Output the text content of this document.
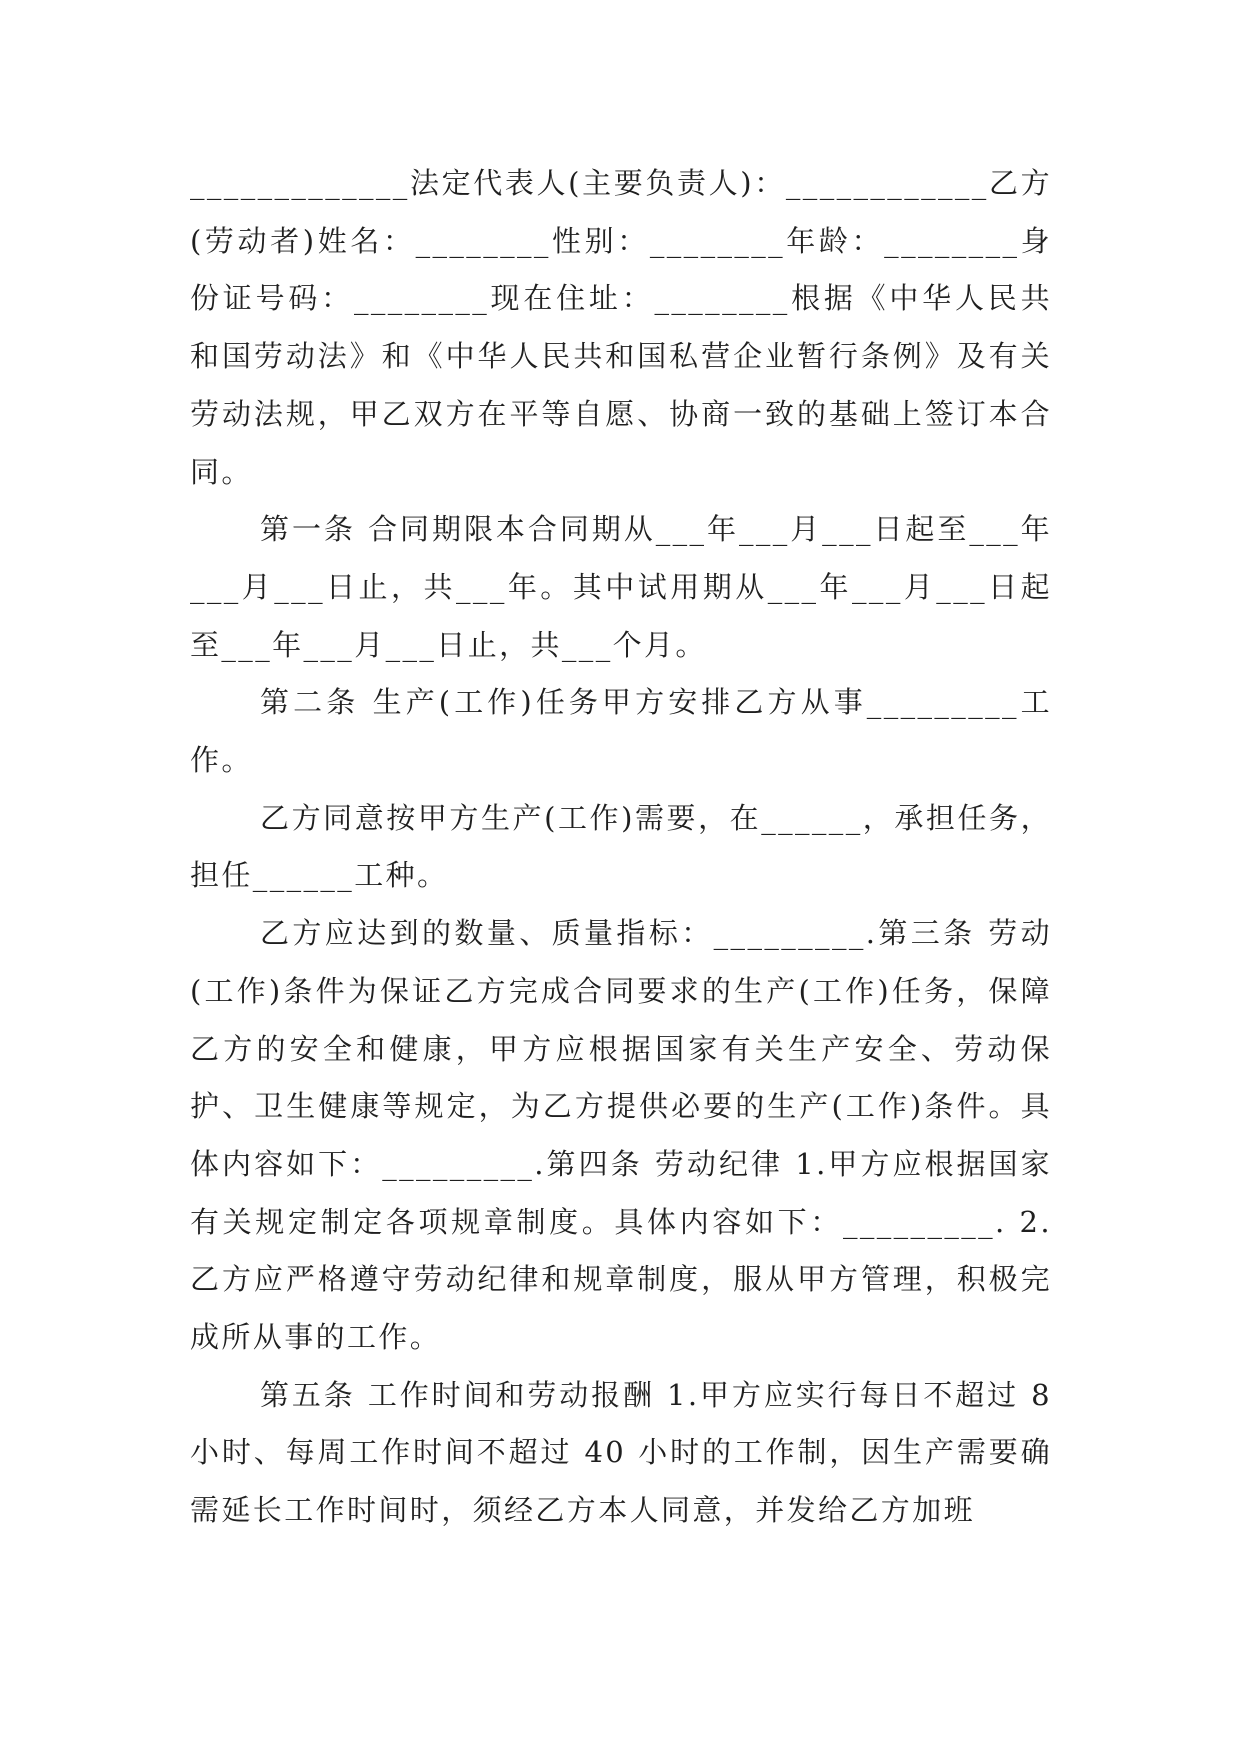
_____________法定代表人(主要负责人)：____________乙方(劳动者)姓名：________性别：________年龄：________身份证号码：________现在住址：________根据《中华人民共和国劳动法》和《中华人民共和国私营企业暂行条例》及有关劳动法规，甲乙双方在平等自愿、协商一致的基础上签订本合同。

第一条 合同期限本合同期从___年___月___日起至___年___月___日止，共___年。其中试用期从___年___月___日起至___年___月___日止，共___个月。

第二条 生产(工作)任务甲方安排乙方从事_________工作。

乙方同意按甲方生产(工作)需要，在______，承担任务，担任______工种。

乙方应达到的数量、质量指标：_________.第三条 劳动(工作)条件为保证乙方完成合同要求的生产(工作)任务，保障乙方的安全和健康，甲方应根据国家有关生产安全、劳动保护、卫生健康等规定，为乙方提供必要的生产(工作)条件。具体内容如下：_________.第四条 劳动纪律 1.甲方应根据国家有关规定制定各项规章制度。具体内容如下：_________. 2.乙方应严格遵守劳动纪律和规章制度，服从甲方管理，积极完成所从事的工作。

第五条 工作时间和劳动报酬 1.甲方应实行每日不超过 8 小时、每周工作时间不超过 40 小时的工作制，因生产需要确需延长工作时间时，须经乙方本人同意，并发给乙方加班
